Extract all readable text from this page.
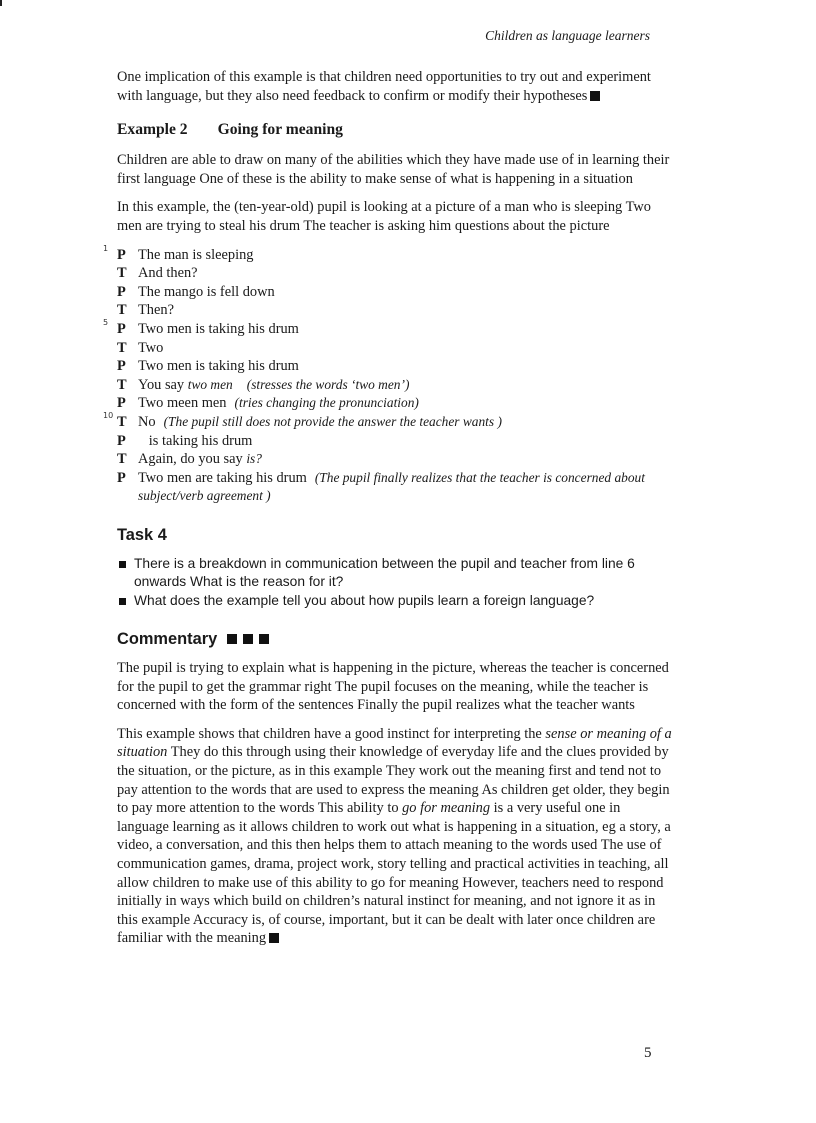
Children as language learners

One implication of this example is that children need opportunities to try out and experiment with language, but they also need feedback to confirm or modify their hypotheses

Example 2 Going for meaning

Children are able to draw on many of the abilities which they have made use of in learning their first language One of these is the ability to make sense of what is happening in a situation

In this example, the (ten-year-old) pupil is looking at a picture of a man who is sleeping Two men are trying to steal his drum The teacher is asking him questions about the picture

1 P The man is sleeping
T And then?
P The mango is fell down
T Then?
5 P Two men is taking his drum
T Two
P Two men is taking his drum
T You say two men (stresses the words ‘two men’)
P Two meen men (tries changing the pronunciation)
10 T No (The pupil still does not provide the answer the teacher wants )
P is taking his drum
T Again, do you say is?
P Two men are taking his drum (The pupil finally realizes that the teacher is concerned about subject/verb agreement )
Task 4
There is a breakdown in communication between the pupil and teacher from line 6 onwards What is the reason for it?
What does the example tell you about how pupils learn a foreign language?
Commentary

The pupil is trying to explain what is happening in the picture, whereas the teacher is concerned for the pupil to get the grammar right The pupil focuses on the meaning, while the teacher is concerned with the form of the sentences Finally the pupil realizes what the teacher wants

This example shows that children have a good instinct for interpreting the sense or meaning of a situation They do this through using their knowledge of everyday life and the clues provided by the situation, or the picture, as in this example They work out the meaning first and tend not to pay attention to the words that are used to express the meaning As children get older, they begin to pay more attention to the words This ability to go for meaning is a very useful one in language learning as it allows children to work out what is happening in a situation, eg a story, a video, a conversation, and this then helps them to attach meaning to the words used The use of communication games, drama, project work, story telling and practical activities in teaching, all allow children to make use of this ability to go for meaning However, teachers need to respond initially in ways which build on children’s natural instinct for meaning, and not ignore it as in this example Accuracy is, of course, important, but it can be dealt with later once children are familiar with the meaning

5
